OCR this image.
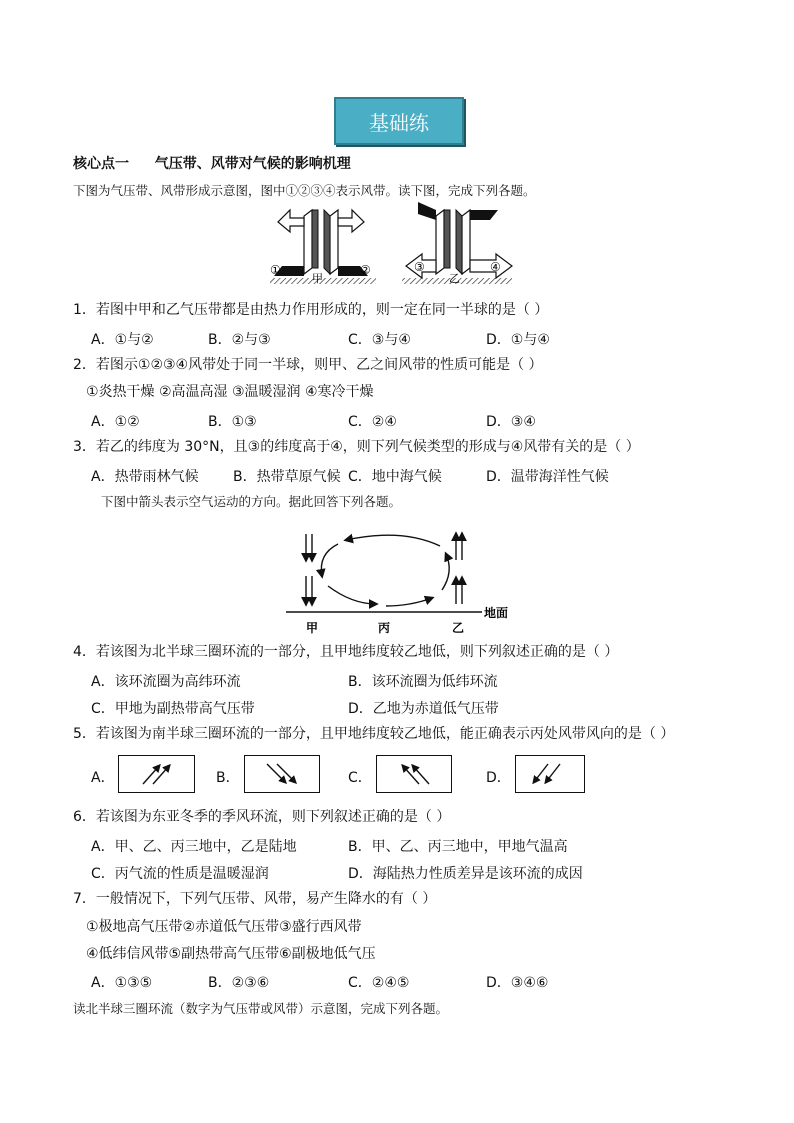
基础练
核心点一 气压带、风带对气候的影响机理
下图为气压带、风带形成示意图，图中①②③④表示风带。读下图，完成下列各题。
①	②	③	④
甲	乙
1．若图中甲和乙气压带都是由热力作用形成的，则一定在同一半球的是（ ）
A．①与②	B．②与③	C．③与④	D．①与④
2．若图示①②③④风带处于同一半球，则甲、乙之间风带的性质可能是（ ）
①炎热干燥 ②高温高湿 ③温暖湿润 ④寒冷干燥
A．①②	B．①③	C．②④	D．③④
3．若乙的纬度为 30°N，且③的纬度高于④，则下列气候类型的形成与④风带有关的是（ ）
A．热带雨林气候 B．热带草原气候 C．地中海气候	D．温带海洋性气候
下图中箭头表示空气运动的方向。据此回答下列各题。
地面
甲	丙	乙
4．若该图为北半球三圈环流的一部分，且甲地纬度较乙地低，则下列叙述正确的是（ ）
A．该环流圈为高纬环流	B．该环流圈为低纬环流
C．甲地为副热带高气压带	D．乙地为赤道低气压带
5．若该图为南半球三圈环流的一部分，且甲地纬度较乙地低，能正确表示丙处风带风向的是（ ）
A．	B．	C．	D．
6．若该图为东亚冬季的季风环流，则下列叙述正确的是（ ）
A．甲、乙、丙三地中，乙是陆地	B．甲、乙、丙三地中，甲地气温高
C．丙气流的性质是温暖湿润	D．海陆热力性质差异是该环流的成因
7．一般情况下，下列气压带、风带，易产生降水的有（ ）
①极地高气压带②赤道低气压带③盛行西风带
④低纬信风带⑤副热带高气压带⑥副极地低气压
A．①③⑤	B．②③⑥	C．②④⑤	D．③④⑥
读北半球三圈环流（数字为气压带或风带）示意图，完成下列各题。
